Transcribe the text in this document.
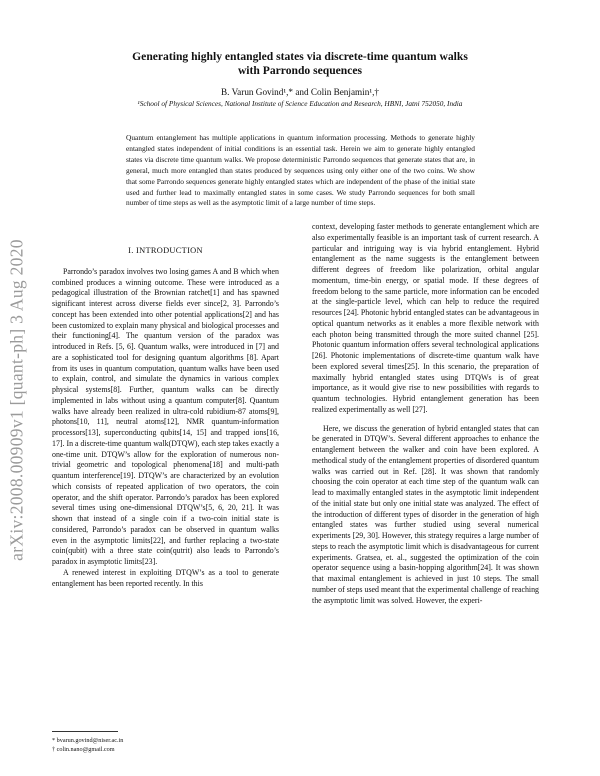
arXiv:2008.00909v1 [quant-ph] 3 Aug 2020

Generating highly entangled states via discrete-time quantum walks
with Parrondo sequences

B. Varun Govind¹,* and Colin Benjamin¹,†
¹School of Physical Sciences, National Institute of Science Education and Research, HBNI, Jatni 752050, India
Quantum entanglement has multiple applications in quantum information processing. Methods to generate highly entangled states independent of initial conditions is an essential task. Herein we aim to generate highly entangled states via discrete time quantum walks. We propose deterministic Parrondo sequences that generate states that are, in general, much more entangled than states produced by sequences using only either one of the two coins. We show that some Parrondo sequences generate highly entangled states which are independent of the phase of the initial state used and further lead to maximally entangled states in some cases. We study Parrondo sequences for both small number of time steps as well as the asymptotic limit of a large number of time steps.
I. INTRODUCTION

Parrondo’s paradox involves two losing games A and B which when combined produces a winning outcome. These were introduced as a pedagogical illustration of the Brownian ratchet[1] and has spawned significant interest across diverse fields ever since[2, 3]. Parrondo’s concept has been extended into other potential applications[2] and has been customized to explain many physical and biological processes and their functioning[4]. The quantum version of the paradox was introduced in Refs. [5, 6]. Quantum walks, were introduced in [7] and are a sophisticated tool for designing quantum algorithms [8]. Apart from its uses in quantum computation, quantum walks have been used to explain, control, and simulate the dynamics in various complex physical systems[8]. Further, quantum walks can be directly implemented in labs without using a quantum computer[8]. Quantum walks have already been realized in ultra-cold rubidium-87 atoms[9], photons[10, 11], neutral atoms[12], NMR quantum-information processors[13], superconducting qubits[14, 15] and trapped ions[16, 17]. In a discrete-time quantum walk(DTQW), each step takes exactly a one-time unit. DTQW’s allow for the exploration of numerous non-trivial geometric and topological phenomena[18] and multi-path quantum interference[19]. DTQW’s are characterized by an evolution which consists of repeated application of two operators, the coin operator, and the shift operator. Parrondo’s paradox has been explored several times using one-dimensional DTQW’s[5, 6, 20, 21]. It was shown that instead of a single coin if a two-coin initial state is considered, Parrondo’s paradox can be observed in quantum walks even in the asymptotic limits[22], and further replacing a two-state coin(qubit) with a three state coin(qutrit) also leads to Parrondo’s paradox in asymptotic limits[23].

A renewed interest in exploiting DTQW’s as a tool to generate entanglement has been reported recently. In this

context, developing faster methods to generate entanglement which are also experimentally feasible is an important task of current research. A particular and intriguing way is via hybrid entanglement. Hybrid entanglement as the name suggests is the entanglement between different degrees of freedom like polarization, orbital angular momentum, time-bin energy, or spatial mode. If these degrees of freedom belong to the same particle, more information can be encoded at the single-particle level, which can help to reduce the required resources [24]. Photonic hybrid entangled states can be advantageous in optical quantum networks as it enables a more flexible network with each photon being transmitted through the more suited channel [25]. Photonic quantum information offers several technological applications [26]. Photonic implementations of discrete-time quantum walk have been explored several times[25]. In this scenario, the preparation of maximally hybrid entangled states using DTQWs is of great importance, as it would give rise to new possibilities with regards to quantum technologies. Hybrid entanglement generation has been realized experimentally as well [27].

Here, we discuss the generation of hybrid entangled states that can be generated in DTQW’s. Several different approaches to enhance the entanglement between the walker and coin have been explored. A methodical study of the entanglement properties of disordered quantum walks was carried out in Ref. [28]. It was shown that randomly choosing the coin operator at each time step of the quantum walk can lead to maximally entangled states in the asymptotic limit independent of the initial state but only one initial state was analyzed. The effect of the introduction of different types of disorder in the generation of high entangled states was further studied using several numerical experiments [29, 30]. However, this strategy requires a large number of steps to reach the asymptotic limit which is disadvantageous for current experiments. Gratsea, et. al., suggested the optimization of the coin operator sequence using a basin-hopping algorithm[24]. It was shown that maximal entanglement is achieved in just 10 steps. The small number of steps used meant that the experimental challenge of reaching the asymptotic limit was solved. However, the experi-

* bvarun.govind@niser.ac.in
† colin.nano@gmail.com
